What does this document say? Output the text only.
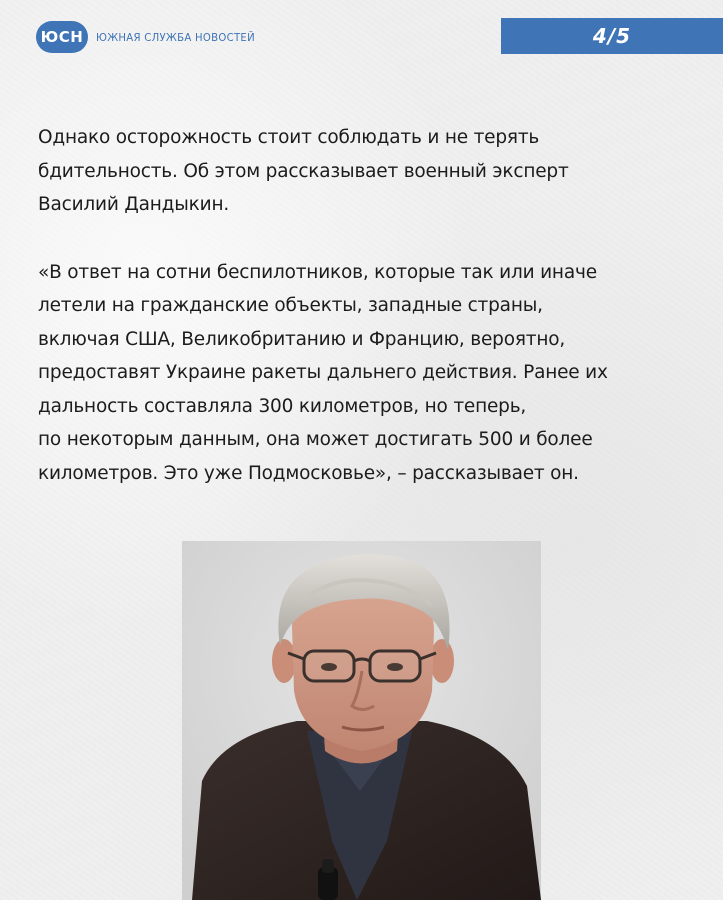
ЮСН	ЮЖНАЯ СЛУЖБА НОВОСТЕЙ	4/5

Однако осторожность стоит соблюдать и не терять
бдительность. Об этом рассказывает военный эксперт
Василий Дандыкин.

«В ответ на сотни беспилотников, которые так или иначе
летели на гражданские объекты, западные страны,
включая США, Великобританию и Францию, вероятно,
предоставят Украине ракеты дальнего действия. Ранее их
дальность составляла 300 километров, но теперь,
по некоторым данным, она может достигать 500 и более
километров. Это уже Подмосковье», – рассказывает он.
